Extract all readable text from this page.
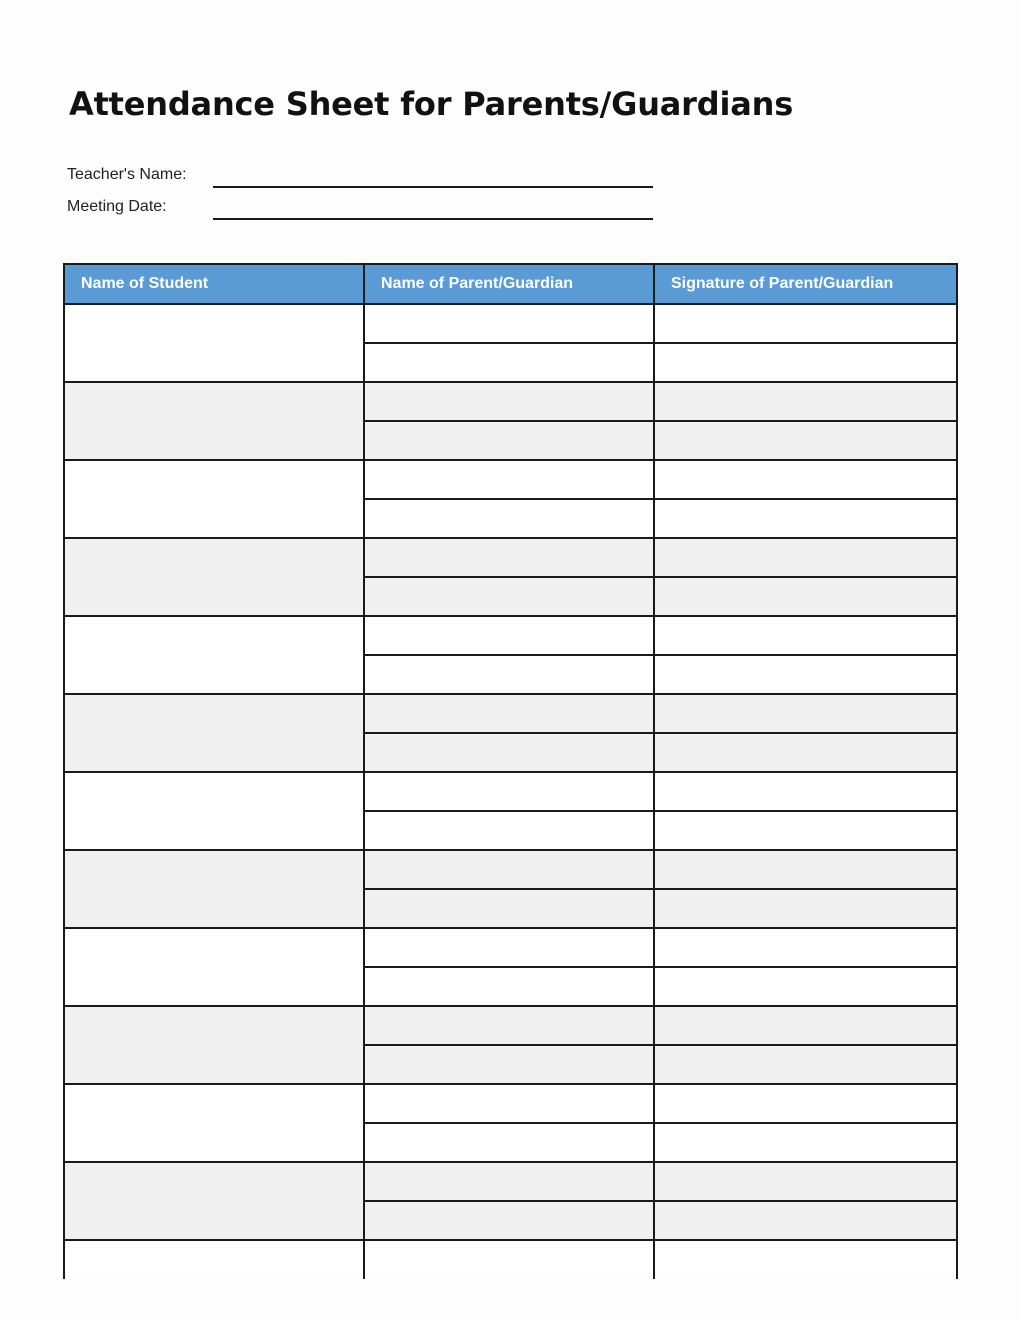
Attendance Sheet for Parents/Guardians
Teacher's Name:
Meeting Date:
Name of Student	Name of Parent/Guardian	Signature of Parent/Guardian
